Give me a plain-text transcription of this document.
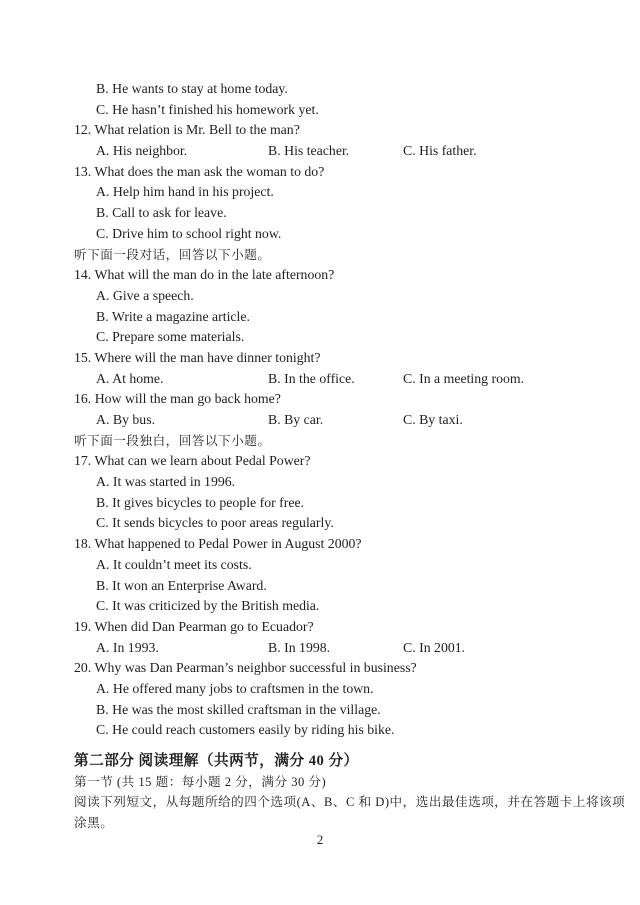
B. He wants to stay at home today.
C. He hasn’t finished his homework yet.
12. What relation is Mr. Bell to the man?
A. His neighbor.	B. His teacher.	C. His father.
13. What does the man ask the woman to do?
A. Help him hand in his project.
B. Call to ask for leave.
C. Drive him to school right now.
听下面一段对话，回答以下小题。
14. What will the man do in the late afternoon?
A. Give a speech.
B. Write a magazine article.
C. Prepare some materials.
15. Where will the man have dinner tonight?
A. At home.	B. In the office.	C. In a meeting room.
16. How will the man go back home?
A. By bus.	B. By car.	C. By taxi.
听下面一段独白，回答以下小题。
17. What can we learn about Pedal Power?
A. It was started in 1996.
B. It gives bicycles to people for free.
C. It sends bicycles to poor areas regularly.
18. What happened to Pedal Power in August 2000?
A. It couldn’t meet its costs.
B. It won an Enterprise Award.
C. It was criticized by the British media.
19. When did Dan Pearman go to Ecuador?
A. In 1993.	B. In 1998.	C. In 2001.
20. Why was Dan Pearman’s neighbor successful in business?
A. He offered many jobs to craftsmen in the town.
B. He was the most skilled craftsman in the village.
C. He could reach customers easily by riding his bike.
第二部分 阅读理解（共两节，满分 40 分）
第一节 (共 15 题：每小题 2 分，满分 30 分)
阅读下列短文，从每题所给的四个选项(A、B、C 和 D)中，选出最佳选项，并在答题卡上将该项
涂黑。
2
